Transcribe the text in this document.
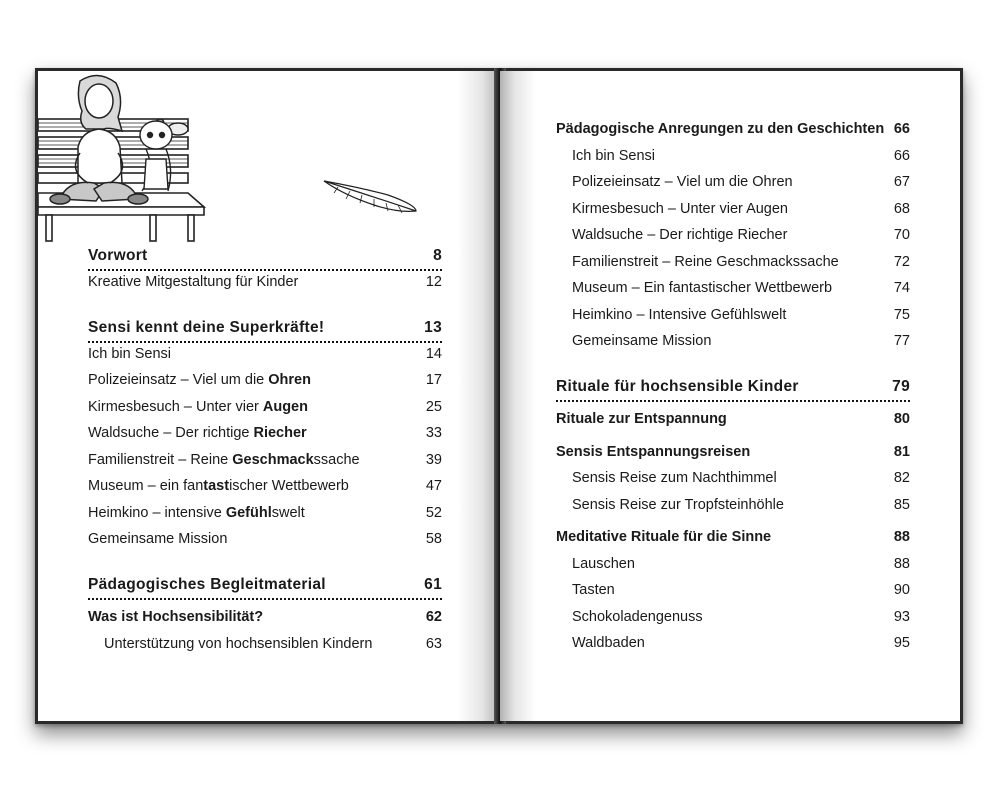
Vorwort	8
Kreative Mitgestaltung für Kinder	12
Sensi kennt deine Superkräfte!	13
Ich bin Sensi	14
Polizeieinsatz – Viel um die Ohren	17
Kirmesbesuch – Unter vier Augen	25
Waldsuche – Der richtige Riecher	33
Familienstreit – Reine Geschmackssache	39
Museum – ein fantastischer Wettbewerb	47
Heimkino – intensive Gefühlswelt	52
Gemeinsame Mission	58
Pädagogisches Begleitmaterial	61
Was ist Hochsensibilität?	62
Unterstützung von hochsensiblen Kindern	63
Pädagogische Anregungen zu den Geschichten 66
Ich bin Sensi	66
Polizeieinsatz – Viel um die Ohren	67
Kirmesbesuch – Unter vier Augen	68
Waldsuche – Der richtige Riecher	70
Familienstreit – Reine Geschmackssache	72
Museum – Ein fantastischer Wettbewerb	74
Heimkino – Intensive Gefühlswelt	75
Gemeinsame Mission	77
Rituale für hochsensible Kinder	79
Rituale zur Entspannung	80
Sensis Entspannungsreisen	81
Sensis Reise zum Nachthimmel	82
Sensis Reise zur Tropfsteinhöhle	85
Meditative Rituale für die Sinne	88
Lauschen	88
Tasten	90
Schokoladengenuss	93
Waldbaden	95
